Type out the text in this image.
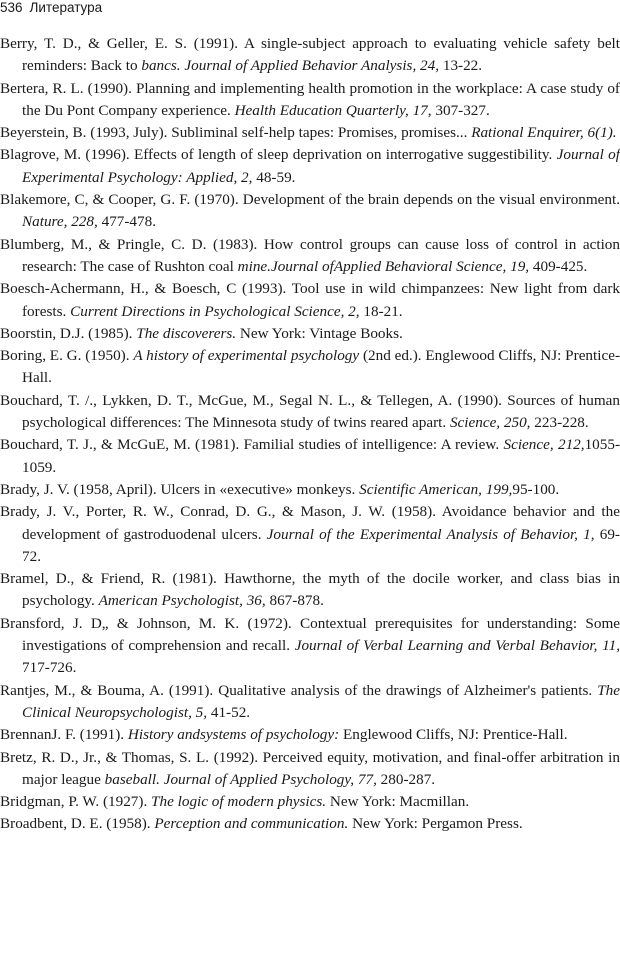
536 Литература

Berry, T. D., & Geller, E. S. (1991). A single-subject approach to evaluating vehicle safety belt reminders: Back to bancs. Journal of Applied Behavior Analysis, 24, 13-22.

Bertera, R. L. (1990). Planning and implementing health promotion in the workplace: A case study of the Du Pont Company experience. Health Education Quarterly, 17, 307-327.

Beyerstein, B. (1993, July). Subliminal self-help tapes: Promises, promises... Rational Enquirer, 6(1).

Blagrove, M. (1996). Effects of length of sleep deprivation on interrogative suggestibility. Journal of Experimental Psychology: Applied, 2, 48-59.

Blakemore, C, & Cooper, G. F. (1970). Development of the brain depends on the visual environment. Nature, 228, 477-478.

Blumberg, M., & Pringle, C. D. (1983). How control groups can cause loss of control in action research: The case of Rushton coal mine.Journal ofApplied Behavioral Science, 19, 409-425.

Boesch-Achermann, H., & Boesch, C (1993). Tool use in wild chimpanzees: New light from dark forests. Current Directions in Psychological Science, 2, 18-21.

Boorstin, D.J. (1985). The discoverers. New York: Vintage Books.

Boring, E. G. (1950). A history of experimental psychology (2nd ed.). Englewood Cliffs, NJ: Prentice-Hall.

Bouchard, T. /., Lykken, D. T., McGue, M., Segal N. L., & Tellegen, A. (1990). Sources of human psychological differences: The Minnesota study of twins reared apart. Science, 250, 223-228.

Bouchard, T. J., & McGuE, M. (1981). Familial studies of intelligence: A review. Science, 212,1055-1059.

Brady, J. V. (1958, April). Ulcers in «executive» monkeys. Scientific American, 199,95-100.

Brady, J. V., Porter, R. W., Conrad, D. G., & Mason, J. W. (1958). Avoidance behavior and the development of gastroduodenal ulcers. Journal of the Experimental Analysis of Behavior, 1, 69-72.

Bramel, D., & Friend, R. (1981). Hawthorne, the myth of the docile worker, and class bias in psychology. American Psychologist, 36, 867-878.

Bransford, J. D„ & Johnson, M. K. (1972). Contextual prerequisites for understanding: Some investigations of comprehension and recall. Journal of Verbal Learning and Verbal Behavior, 11, 717-726.

Rantjes, M., & Bouma, A. (1991). Qualitative analysis of the drawings of Alzheimer's patients. The Clinical Neuropsychologist, 5, 41-52.

BrennanJ. F. (1991). History andsystems of psychology: Englewood Cliffs, NJ: Prentice-Hall.

Bretz, R. D., Jr., & Thomas, S. L. (1992). Perceived equity, motivation, and final-offer arbitration in major league baseball. Journal of Applied Psychology, 77, 280-287.

Bridgman, P. W. (1927). The logic of modern physics. New York: Macmillan.

Broadbent, D. E. (1958). Perception and communication. New York: Pergamon Press.
